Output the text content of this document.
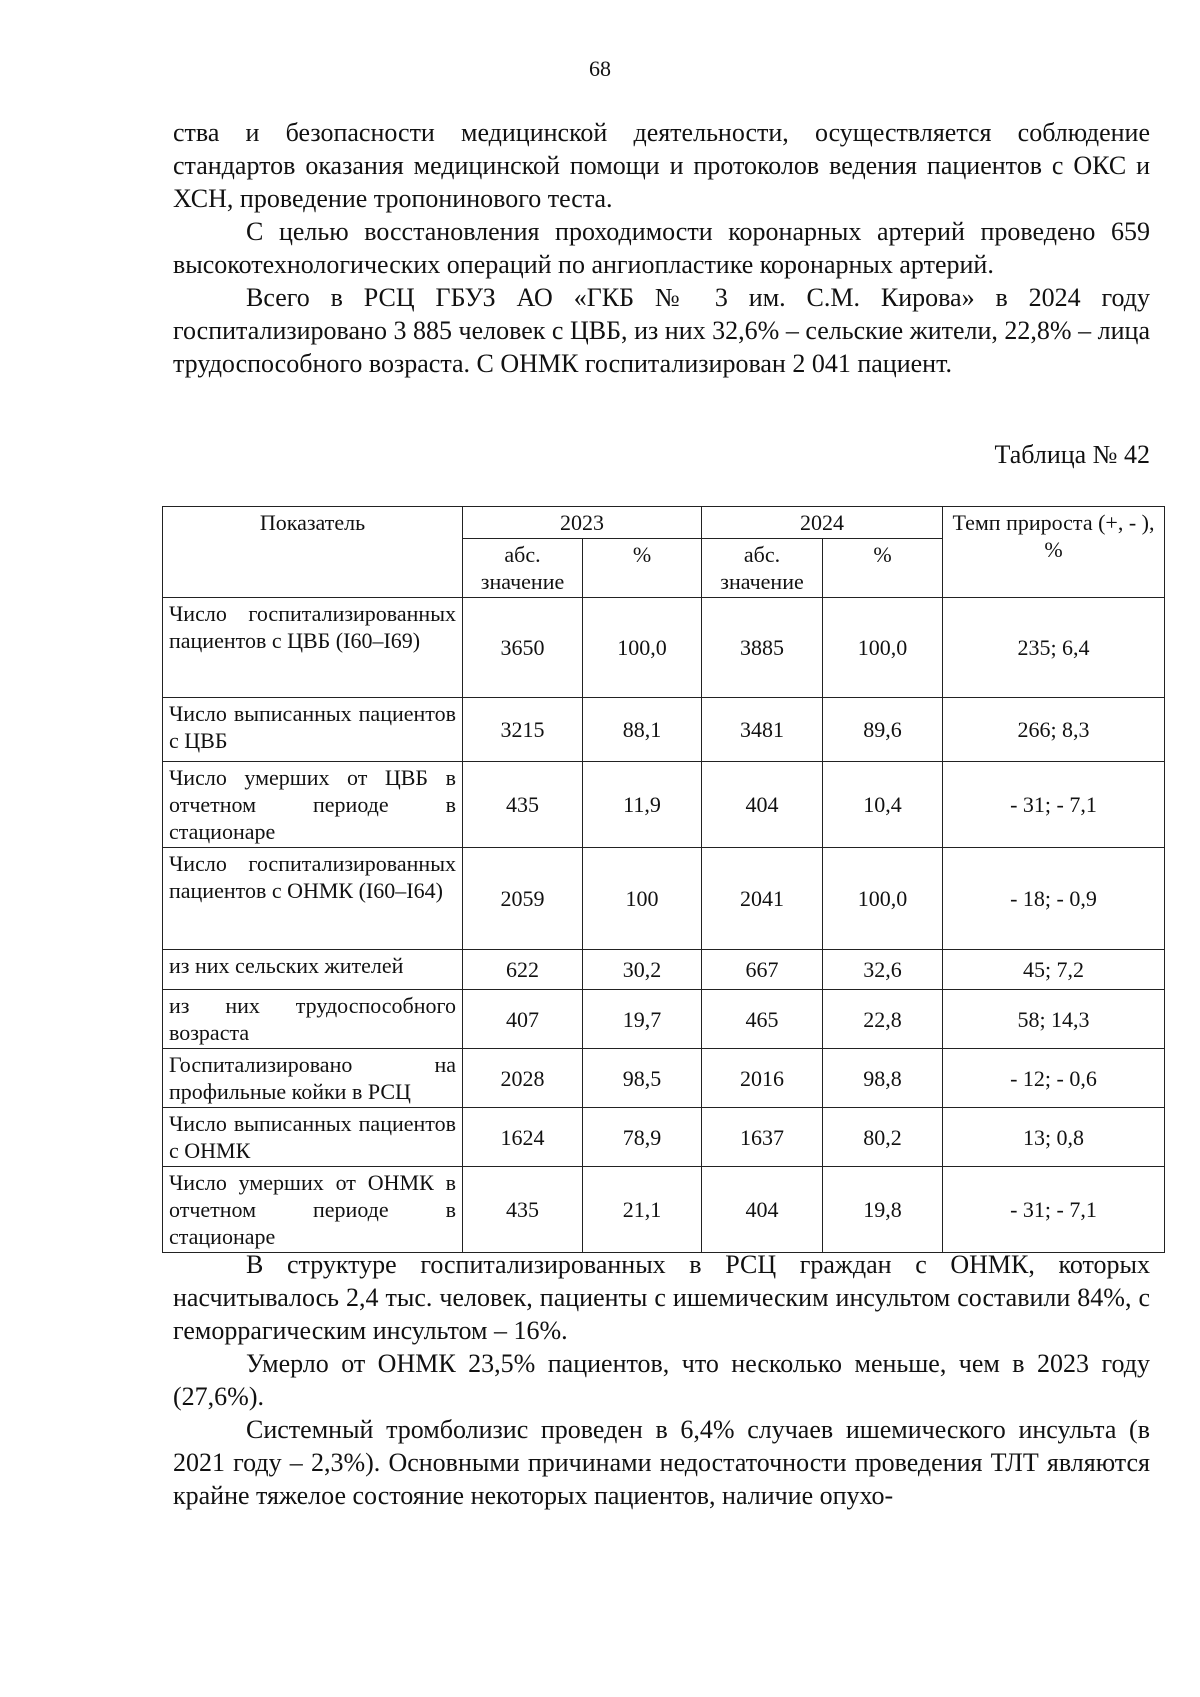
68

ства и безопасности медицинской деятельности, осуществляется соблюдение стандартов оказания медицинской помощи и протоколов ведения пациентов с ОКС и ХСН, проведение тропонинового теста.

С целью восстановления проходимости коронарных артерий проведено 659 высокотехнологических операций по ангиопластике коронарных артерий.

Всего в РСЦ ГБУЗ АО «ГКБ № 3 им. С.М. Кирова» в 2024 году госпитализировано 3 885 человек с ЦВБ, из них 32,6% – сельские жители, 22,8% – лица трудоспособного возраста. С ОНМК госпитализирован 2 041 пациент.

Таблица № 42
Показатель	2023		2024		Темп прироста (+, - ), %
	абс. значение	%	абс. значение	%	
Число госпитализированных пациентов с ЦВБ (I60–I69)	3650	100,0	3885	100,0	235; 6,4
Число выписанных пациентов с ЦВБ	3215	88,1	3481	89,6	266; 8,3
Число умерших от ЦВБ в отчетном периоде в стационаре	435	11,9	404	10,4	- 31; - 7,1
Число госпитализированных пациентов с ОНМК (I60–I64)	2059	100	2041	100,0	- 18; - 0,9
из них сельских жителей	622	30,2	667	32,6	45; 7,2
из них трудоспособного возраста	407	19,7	465	22,8	58; 14,3
Госпитализировано на профильные койки в РСЦ	2028	98,5	2016	98,8	- 12; - 0,6
Число выписанных пациентов с ОНМК	1624	78,9	1637	80,2	13; 0,8
Число умерших от ОНМК в отчетном периоде в стационаре	435	21,1	404	19,8	- 31; - 7,1

В структуре госпитализированных в РСЦ граждан с ОНМК, которых насчитывалось 2,4 тыс. человек, пациенты с ишемическим инсультом составили 84%, с геморрагическим инсультом – 16%.

Умерло от ОНМК 23,5% пациентов, что несколько меньше, чем в 2023 году (27,6%).

Системный тромболизис проведен в 6,4% случаев ишемического инсульта (в 2021 году – 2,3%). Основными причинами недостаточности проведения ТЛТ являются крайне тяжелое состояние некоторых пациентов, наличие опухо-
